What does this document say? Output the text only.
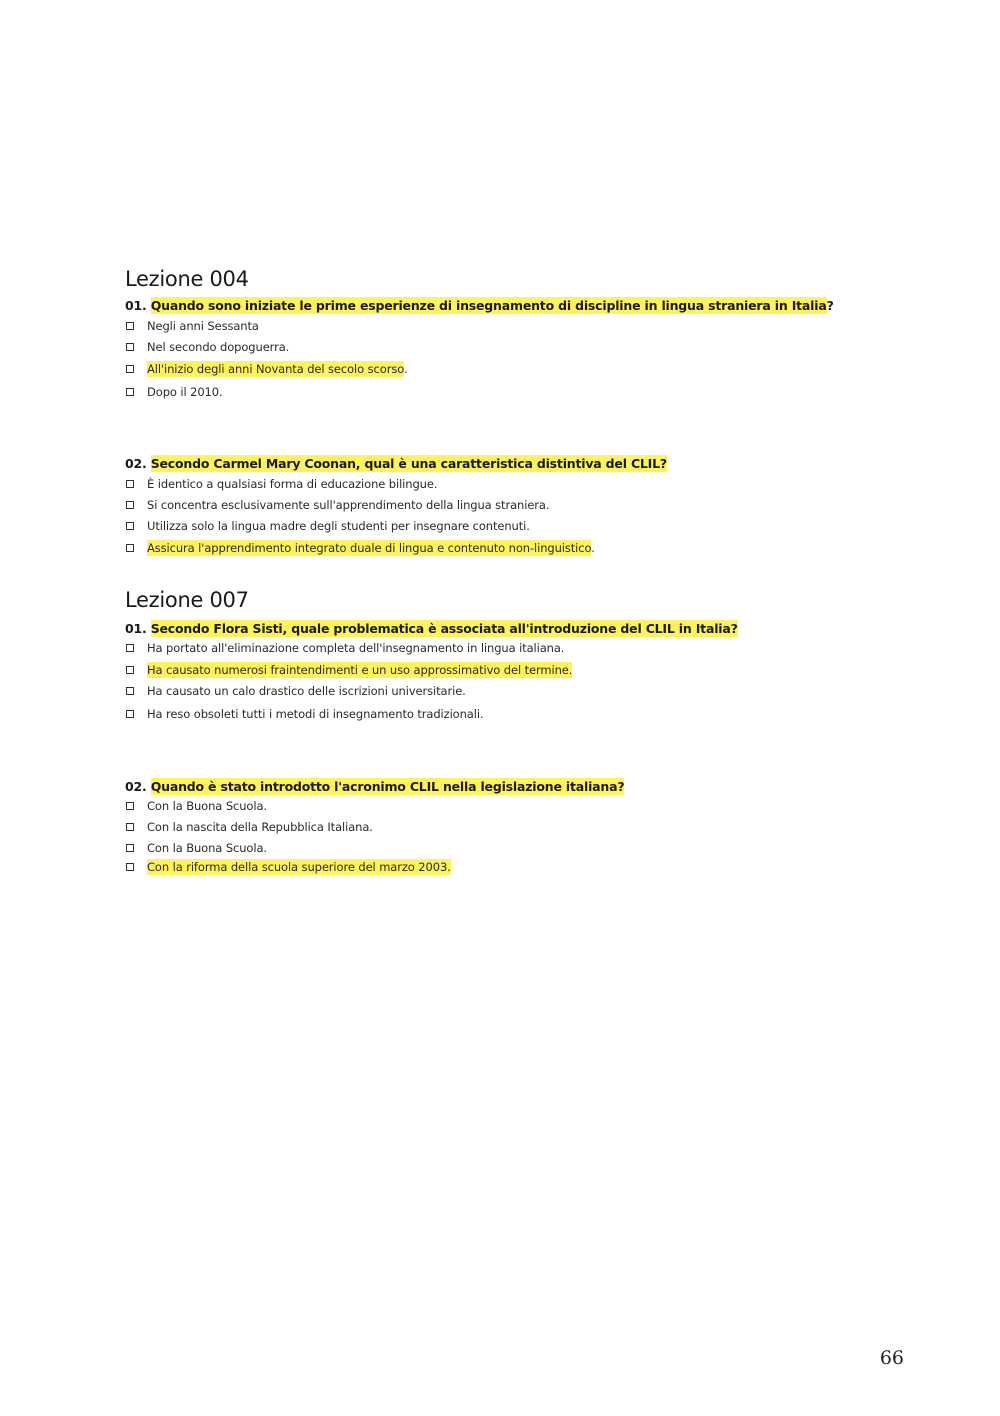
Lezione 004
01. Quando sono iniziate le prime esperienze di insegnamento di discipline in lingua straniera in Italia?
Negli anni Sessanta
Nel secondo dopoguerra.
All'inizio degli anni Novanta del secolo scorso.
Dopo il 2010.
02. Secondo Carmel Mary Coonan, qual è una caratteristica distintiva del CLIL?
È identico a qualsiasi forma di educazione bilingue.
Si concentra esclusivamente sull'apprendimento della lingua straniera.
Utilizza solo la lingua madre degli studenti per insegnare contenuti.
Assicura l'apprendimento integrato duale di lingua e contenuto non-linguistico.
Lezione 007
01. Secondo Flora Sisti, quale problematica è associata all'introduzione del CLIL in Italia?
Ha portato all'eliminazione completa dell'insegnamento in lingua italiana.
Ha causato numerosi fraintendimenti e un uso approssimativo del termine.
Ha causato un calo drastico delle iscrizioni universitarie.
Ha reso obsoleti tutti i metodi di insegnamento tradizionali.
02. Quando è stato introdotto l'acronimo CLIL nella legislazione italiana?
Con la Buona Scuola.
Con la nascita della Repubblica Italiana.
Con la Buona Scuola.
Con la riforma della scuola superiore del marzo 2003.
66
